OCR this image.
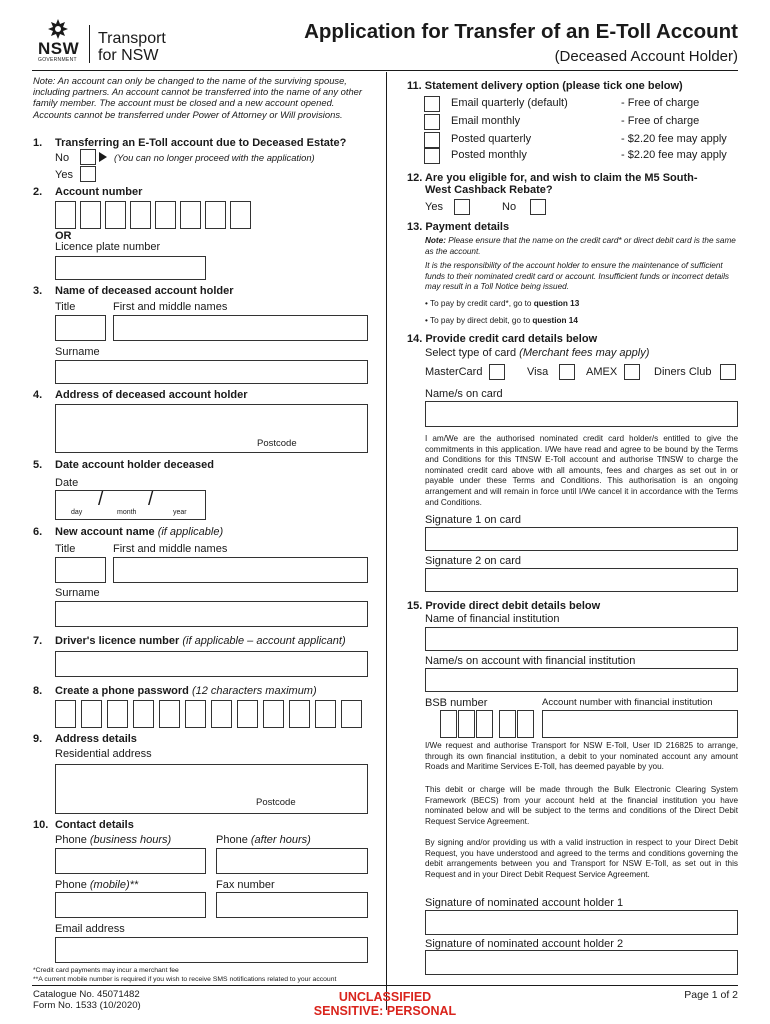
NSW
GOVERNMENT
Transport
for NSW
Application for Transfer of an E-Toll Account
(Deceased Account Holder)
Note: An account can only be changed to the name of the surviving spouse, including partners. An account cannot be transferred into the name of any other family member. The account must be closed and a new account opened. Accounts cannot be transferred under Power of Attorney or Will provisions.
1. Transferring an E-Toll account due to Deceased Estate?
No	(You can no longer proceed with the application)
Yes
2. Account number
OR
Licence plate number
3. Name of deceased account holder
Title	First and middle names
Surname
4. Address of deceased account holder
Postcode
5. Date account holder deceased
Date
/ /
day	month	year
6. New account name (if applicable)
Title	First and middle names
Surname
7. Driver's licence number (if applicable – account applicant)
8. Create a phone password (12 characters maximum)
9. Address details
Residential address
Postcode
10. Contact details
Phone (business hours)	Phone (after hours)
Phone (mobile)**	Fax number
Email address
*Credit card payments may incur a merchant fee
**A current mobile number is required if you wish to receive SMS notifications related to your account
11. Statement delivery option (please tick one below)
Email quarterly (default)	- Free of charge
Email monthly	- Free of charge
Posted quarterly	- $2.20 fee may apply
Posted monthly	- $2.20 fee may apply
12. Are you eligible for, and wish to claim the M5 South-
West Cashback Rebate?
Yes	No
13. Payment details
Note: Please ensure that the name on the credit card* or direct debit card is the same as the account.
It is the responsibility of the account holder to ensure the maintenance of sufficient funds to their nominated credit card or account. Insufficient funds or incorrect details may result in a Toll Notice being issued.
• To pay by credit card*, go to question 13
• To pay by direct debit, go to question 14
14. Provide credit card details below
Select type of card (Merchant fees may apply)
MasterCard	Visa	AMEX	Diners Club
Name/s on card
I am/We are the authorised nominated credit card holder/s entitled to give the commitments in this application. I/We have read and agree to be bound by the Terms and Conditions for this TfNSW E-Toll account and authorise TfNSW to charge the nominated credit card above with all amounts, fees and charges as set out in or payable under these Terms and Conditions. This authorisation is an ongoing arrangement and will remain in force until I/We cancel it in accordance with the Terms and Conditions.
Signature 1 on card
Signature 2 on card
15. Provide direct debit details below
Name of financial institution
Name/s on account with financial institution
BSB number	Account number with financial institution
I/We request and authorise Transport for NSW E-Toll, User ID 216825 to arrange, through its own financial institution, a debit to your nominated account any amount Roads and Maritime Services E-Toll, has deemed payable by you.
This debit or charge will be made through the Bulk Electronic Clearing System Framework (BECS) from your account held at the financial institution you have nominated below and will be subject to the terms and conditions of the Direct Debit Request Service Agreement.
By signing and/or providing us with a valid instruction in respect to your Direct Debit Request, you have understood and agreed to the terms and conditions governing the debit arrangements between you and Transport for NSW E-Toll, as set out in this Request and in your Direct Debit Request Service Agreement.
Signature of nominated account holder 1
Signature of nominated account holder 2
Catalogue No. 45071482
Form No. 1533 (10/2020)
UNCLASSIFIED
SENSITIVE: PERSONAL
Page 1 of 2
